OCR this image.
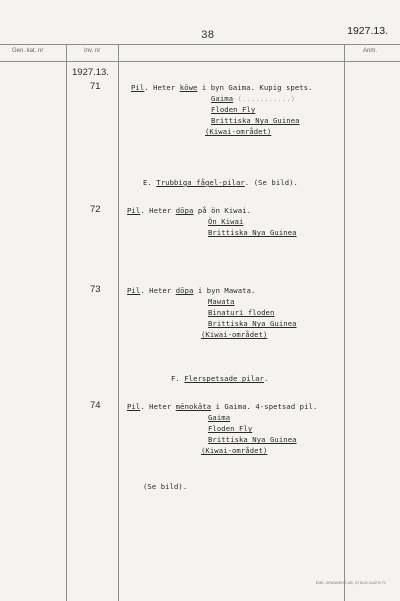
38	1927.13.
Gen. kat. nr	Inv. nr	Anm.
1927.13.
71	Pil. Heter kōwe i byn Gaima. Kupig spets.
Gaima (...........)
Floden Fly
Brittiska Nya Guinea
(Kiwai-området)
E. Trubbiga fågel-pilar. (Se bild).
72	Pil. Heter dōpa på ön Kiwai.
Ön Kiwai
Brittiska Nya Guinea
73	Pil. Heter dōpa i byn Mawata.
Mawata
Binaturi floden
Brittiska Nya Guinea
(Kiwai-området)
F. Flerspetsade pilar.
74	Pil. Heter mēnokāta i Gaima. 4-spetsad pil.
Gaima
Floden Fly
Brittiska Nya Guinea
(Kiwai-området)
(Se bild).
EMIL GRANBERG AB, STHLM 2442 B 71
